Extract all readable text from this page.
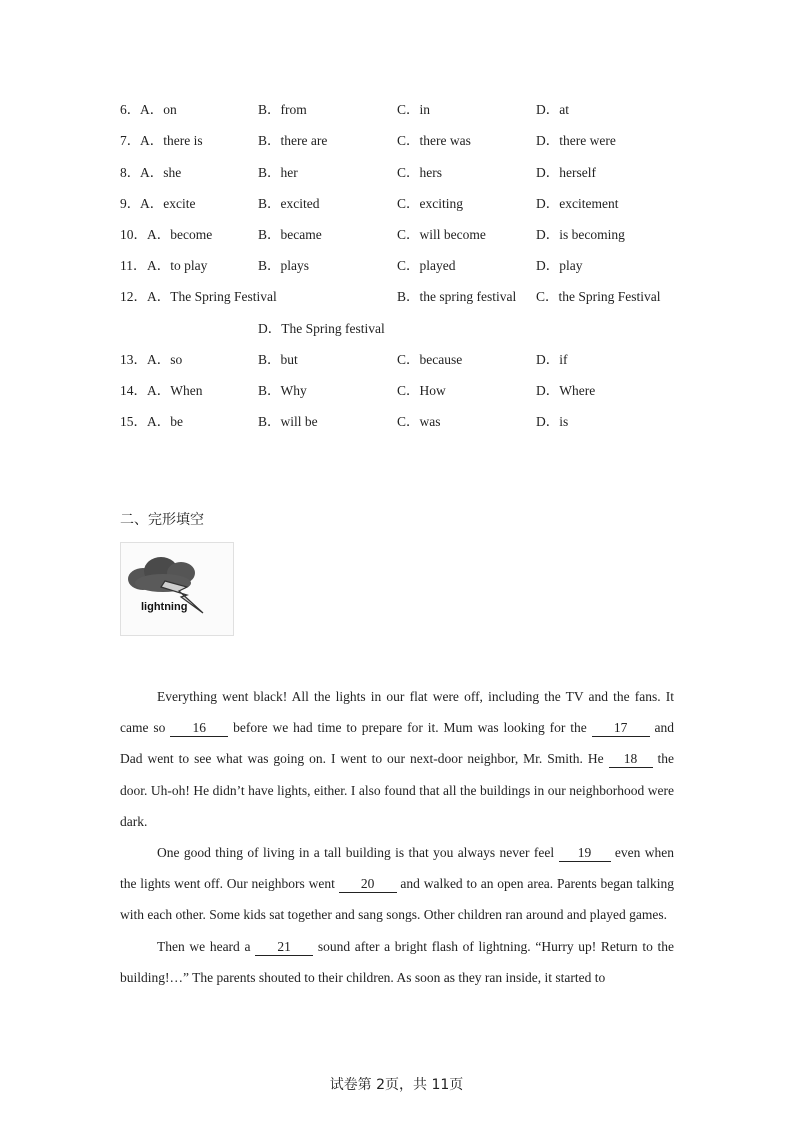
6． A．on	B．from	C．in	D．at
7． A．there is	B．there are	C．there was	D．there were
8． A．she	B．her	C．hers	D．herself
9． A．excite	B．excited	C．exciting	D．excitement
10． A．become	B．became	C．will become	D．is becoming
11． A．to play	B．plays	C．played	D．play
12． A．The Spring Festival	B．the spring festival C．the Spring Festival
D．The Spring festival
13． A．so	B．but	C．because	D．if
14． A．When	B．Why	C．How	D．Where
15． A．be	B．will be	C．was	D．is
二、完形填空
lightning

Everything went black! All the lights in our flat were off, including the TV and the fans. It came so 16 before we had time to prepare for it. Mum was looking for the 17 and Dad went to see what was going on. I went to our next-door neighbor, Mr. Smith. He 18 the door. Uh-oh! He didn’t have lights, either. I also found that all the buildings in our neighborhood were dark.

One good thing of living in a tall building is that you always never feel 19 even when the lights went off. Our neighbors went 20 and walked to an open area. Parents began talking with each other. Some kids sat together and sang songs. Other children ran around and played games.

Then we heard a 21 sound after a bright flash of lightning. “Hurry up! Return to the building!…” The parents shouted to their children. As soon as they ran inside, it started to

试卷第 2页，共 11页
